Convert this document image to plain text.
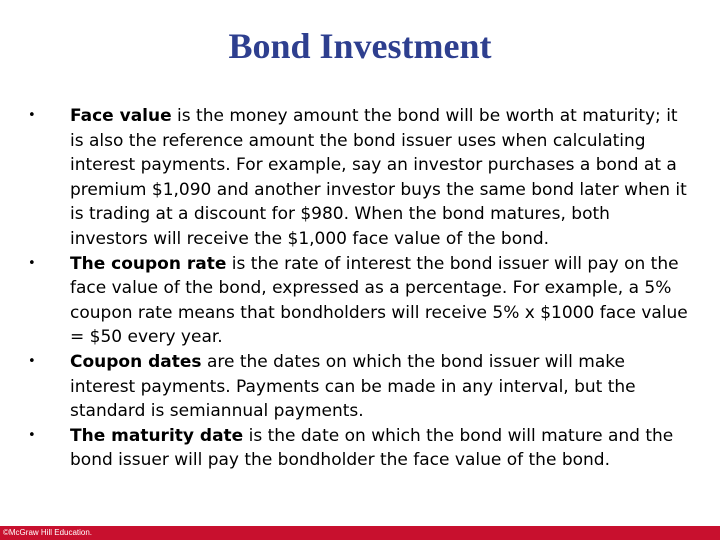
Bond Investment
• Face value is the money amount the bond will be worth at maturity; it is also the reference amount the bond issuer uses when calculating interest payments. For example, say an investor purchases a bond at a premium $1,090 and another investor buys the same bond later when it is trading at a discount for $980. When the bond matures, both investors will receive the $1,000 face value of the bond.
• The coupon rate is the rate of interest the bond issuer will pay on the face value of the bond, expressed as a percentage. For example, a 5% coupon rate means that bondholders will receive 5% x $1000 face value = $50 every year.
• Coupon dates are the dates on which the bond issuer will make interest payments. Payments can be made in any interval, but the standard is semiannual payments.
• The maturity date is the date on which the bond will mature and the bond issuer will pay the bondholder the face value of the bond.
©McGraw Hill Education.
